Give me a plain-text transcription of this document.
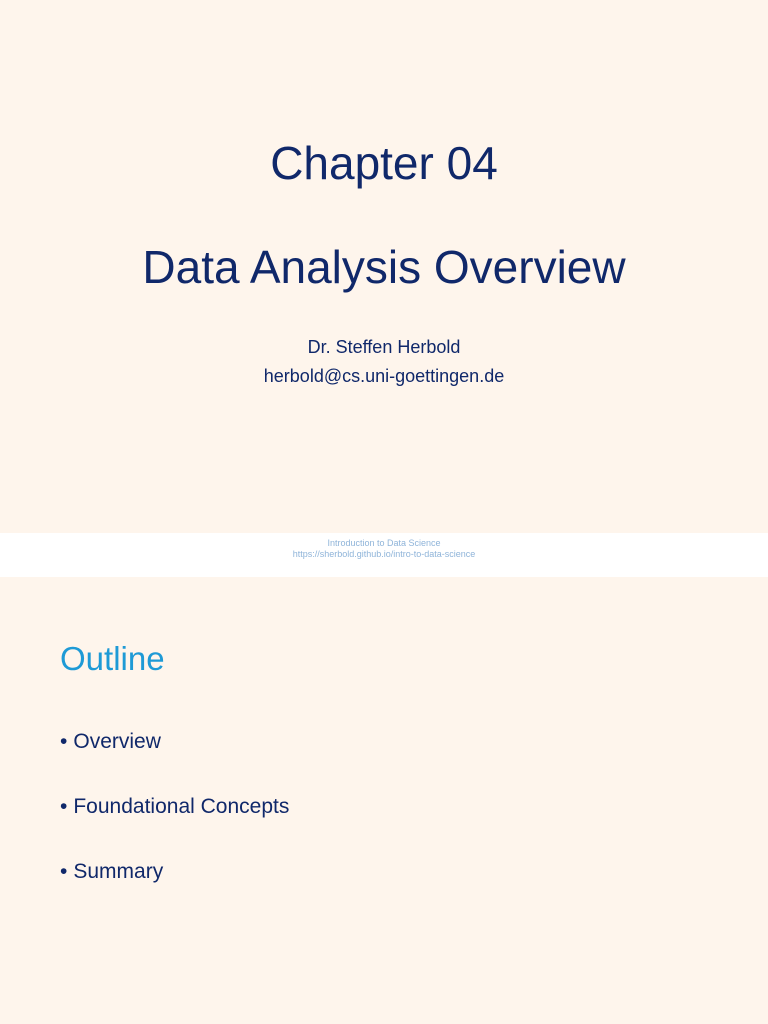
Chapter 04
Data Analysis Overview
Dr. Steffen Herbold
herbold@cs.uni-goettingen.de
Introduction to Data Science
https://sherbold.github.io/intro-to-data-science
Outline
• Overview
• Foundational Concepts
• Summary
